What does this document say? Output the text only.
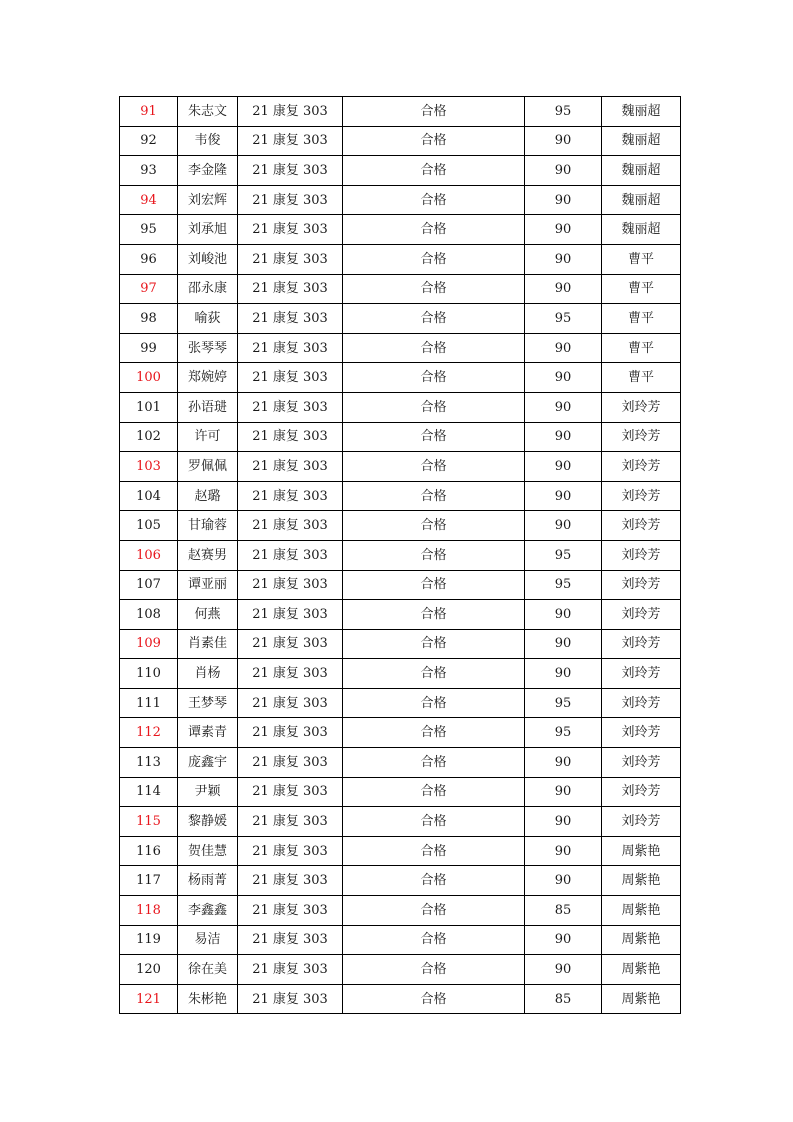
91	朱志文	21 康复 303	合格	95	魏丽超
92	韦俊	21 康复 303	合格	90	魏丽超
93	李金隆	21 康复 303	合格	90	魏丽超
94	刘宏辉	21 康复 303	合格	90	魏丽超
95	刘承旭	21 康复 303	合格	90	魏丽超
96	刘峻池	21 康复 303	合格	90	曹平
97	邵永康	21 康复 303	合格	90	曹平
98	喻荻	21 康复 303	合格	95	曹平
99	张琴琴	21 康复 303	合格	90	曹平
100	郑婉婷	21 康复 303	合格	90	曹平
101	孙语琎	21 康复 303	合格	90	刘玲芳
102	许可	21 康复 303	合格	90	刘玲芳
103	罗佩佩	21 康复 303	合格	90	刘玲芳
104	赵璐	21 康复 303	合格	90	刘玲芳
105	甘瑜蓉	21 康复 303	合格	90	刘玲芳
106	赵赛男	21 康复 303	合格	95	刘玲芳
107	谭亚丽	21 康复 303	合格	95	刘玲芳
108	何燕	21 康复 303	合格	90	刘玲芳
109	肖素佳	21 康复 303	合格	90	刘玲芳
110	肖杨	21 康复 303	合格	90	刘玲芳
111	王梦琴	21 康复 303	合格	95	刘玲芳
112	谭素青	21 康复 303	合格	95	刘玲芳
113	庞鑫宇	21 康复 303	合格	90	刘玲芳
114	尹颖	21 康复 303	合格	90	刘玲芳
115	黎静媛	21 康复 303	合格	90	刘玲芳
116	贺佳慧	21 康复 303	合格	90	周紫艳
117	杨雨菁	21 康复 303	合格	90	周紫艳
118	李鑫鑫	21 康复 303	合格	85	周紫艳
119	易洁	21 康复 303	合格	90	周紫艳
120	徐在美	21 康复 303	合格	90	周紫艳
121	朱彬艳	21 康复 303	合格	85	周紫艳
